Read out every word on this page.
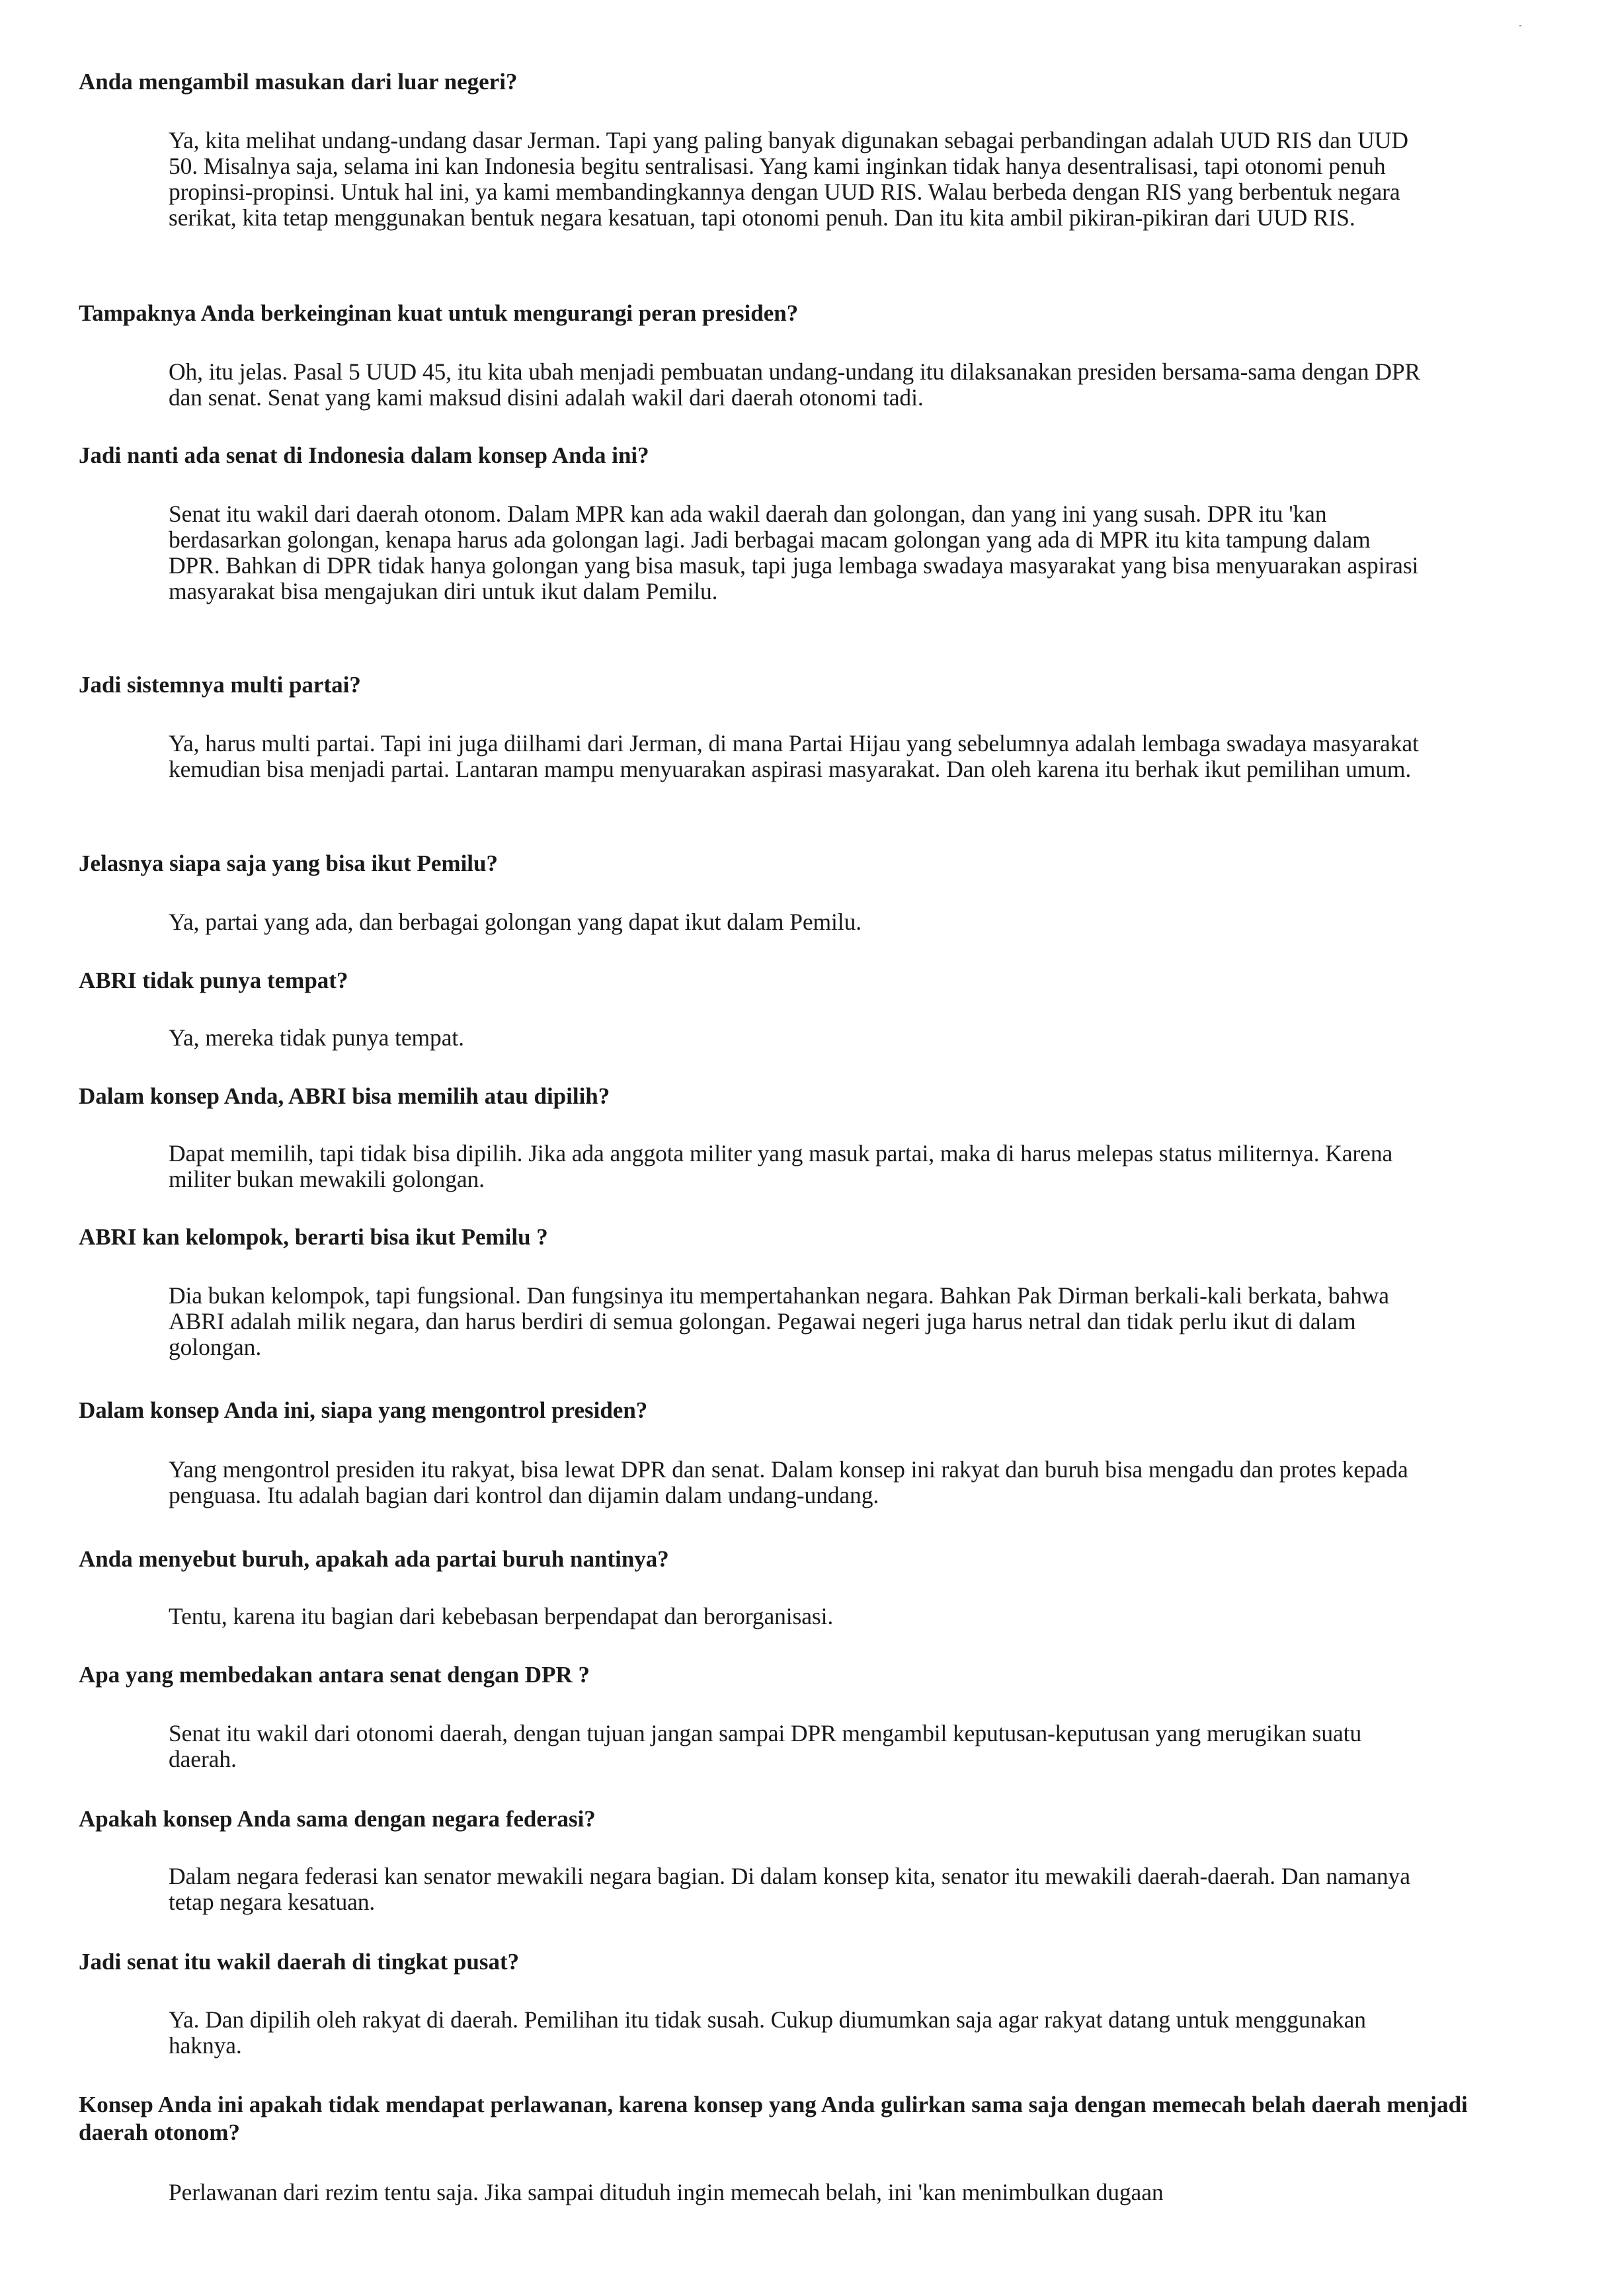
Anda mengambil masukan dari luar negeri?

Ya, kita melihat undang-undang dasar Jerman. Tapi yang paling banyak digunakan sebagai perbandingan adalah UUD RIS dan UUD 50. Misalnya saja, selama ini kan Indonesia begitu sentralisasi. Yang kami inginkan tidak hanya desentralisasi, tapi otonomi penuh propinsi-propinsi. Untuk hal ini, ya kami membandingkannya dengan UUD RIS. Walau berbeda dengan RIS yang berbentuk negara serikat, kita tetap menggunakan bentuk negara kesatuan, tapi otonomi penuh. Dan itu kita ambil pikiran-pikiran dari UUD RIS.

Tampaknya Anda berkeinginan kuat untuk mengurangi peran presiden?

Oh, itu jelas. Pasal 5 UUD 45, itu kita ubah menjadi pembuatan undang-undang itu dilaksanakan presiden bersama-sama dengan DPR dan senat. Senat yang kami maksud disini adalah wakil dari daerah otonomi tadi.

Jadi nanti ada senat di Indonesia dalam konsep Anda ini?

Senat itu wakil dari daerah otonom. Dalam MPR kan ada wakil daerah dan golongan, dan yang ini yang susah. DPR itu 'kan berdasarkan golongan, kenapa harus ada golongan lagi. Jadi berbagai macam golongan yang ada di MPR itu kita tampung dalam DPR. Bahkan di DPR tidak hanya golongan yang bisa masuk, tapi juga lembaga swadaya masyarakat yang bisa menyuarakan aspirasi masyarakat bisa mengajukan diri untuk ikut dalam Pemilu.

Jadi sistemnya multi partai?

Ya, harus multi partai. Tapi ini juga diilhami dari Jerman, di mana Partai Hijau yang sebelumnya adalah lembaga swadaya masyarakat kemudian bisa menjadi partai. Lantaran mampu menyuarakan aspirasi masyarakat. Dan oleh karena itu berhak ikut pemilihan umum.

Jelasnya siapa saja yang bisa ikut Pemilu?

Ya, partai yang ada, dan berbagai golongan yang dapat ikut dalam Pemilu.

ABRI tidak punya tempat?

Ya, mereka tidak punya tempat.

Dalam konsep Anda, ABRI bisa memilih atau dipilih?

Dapat memilih, tapi tidak bisa dipilih. Jika ada anggota militer yang masuk partai, maka di harus melepas status militernya. Karena militer bukan mewakili golongan.

ABRI kan kelompok, berarti bisa ikut Pemilu ?

Dia bukan kelompok, tapi fungsional. Dan fungsinya itu mempertahankan negara. Bahkan Pak Dirman berkali-kali berkata, bahwa ABRI adalah milik negara, dan harus berdiri di semua golongan. Pegawai negeri juga harus netral dan tidak perlu ikut di dalam golongan.

Dalam konsep Anda ini, siapa yang mengontrol presiden?

Yang mengontrol presiden itu rakyat, bisa lewat DPR dan senat. Dalam konsep ini rakyat dan buruh bisa mengadu dan protes kepada penguasa. Itu adalah bagian dari kontrol dan dijamin dalam undang-undang.

Anda menyebut buruh, apakah ada partai buruh nantinya?

Tentu, karena itu bagian dari kebebasan berpendapat dan berorganisasi.

Apa yang membedakan antara senat dengan DPR ?

Senat itu wakil dari otonomi daerah, dengan tujuan jangan sampai DPR mengambil keputusan-keputusan yang merugikan suatu daerah.

Apakah konsep Anda sama dengan negara federasi?

Dalam negara federasi kan senator mewakili negara bagian. Di dalam konsep kita, senator itu mewakili daerah-daerah. Dan namanya tetap negara kesatuan.

Jadi senat itu wakil daerah di tingkat pusat?

Ya. Dan dipilih oleh rakyat di daerah. Pemilihan itu tidak susah. Cukup diumumkan saja agar rakyat datang untuk menggunakan haknya.

Konsep Anda ini apakah tidak mendapat perlawanan, karena konsep yang Anda gulirkan sama saja dengan memecah belah daerah menjadi daerah otonom?

Perlawanan dari rezim tentu saja. Jika sampai dituduh ingin memecah belah, ini 'kan menimbulkan dugaan
